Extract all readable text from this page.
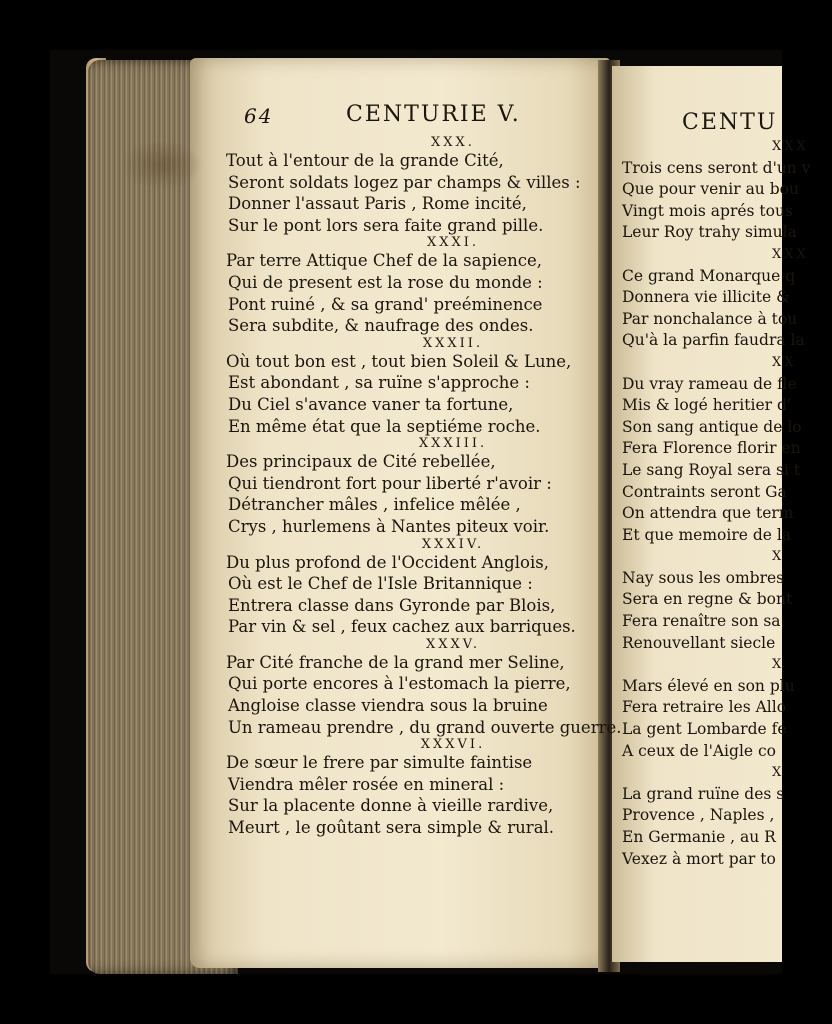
CENTU
XXX
Trois cens seront d'un v
Que pour venir au bou
Vingt mois aprés tous
Leur Roy trahy simula
XXX
Ce grand Monarque q
Donnera vie illicite &
Par nonchalance à tou
Qu'à la parfin faudra la
XX
Du vray rameau de fle
Mis & logé heritier d'
Son sang antique de lo
Fera Florence florir en
Le sang Royal sera si t
Contraints seront Ga
On attendra que term
Et que memoire de la
X
Nay sous les ombres
Sera en regne & bont
Fera renaître son sa
Renouvellant siecle
X
Mars élevé en son plu
Fera retraire les Allo
La gent Lombarde fe
A ceux de l'Aigle co
X
La grand ruïne des s
Provence , Naples ,
En Germanie , au R
Vexez à mort par to
64	CENTURIE V.
XXX.
Tout à l'entour de la grande Cité,
Seront soldats logez par champs & villes :
Donner l'assaut Paris , Rome incité,
Sur le pont lors sera faite grand pille.
XXXI.
Par terre Attique Chef de la sapience,
Qui de present est la rose du monde :
Pont ruiné , & sa grand' preéminence
Sera subdite, & naufrage des ondes.
XXXII.
Où tout bon est , tout bien Soleil & Lune,
Est abondant , sa ruïne s'approche :
Du Ciel s'avance vaner ta fortune,
En même état que la septiéme roche.
XXXIII.
Des principaux de Cité rebellée,
Qui tiendront fort pour liberté r'avoir :
Détrancher mâles , infelice mêlée ,
Crys , hurlemens à Nantes piteux voir.
XXXIV.
Du plus profond de l'Occident Anglois,
Où est le Chef de l'Isle Britannique :
Entrera classe dans Gyronde par Blois,
Par vin & sel , feux cachez aux barriques.
XXXV.
Par Cité franche de la grand mer Seline,
Qui porte encores à l'estomach la pierre,
Angloise classe viendra sous la bruine
Un rameau prendre , du grand ouverte guerre.
XXXVI.
De sœur le frere par simulte faintise
Viendra mêler rosée en mineral :
Sur la placente donne à vieille rardive,
Meurt , le goûtant sera simple & rural.
